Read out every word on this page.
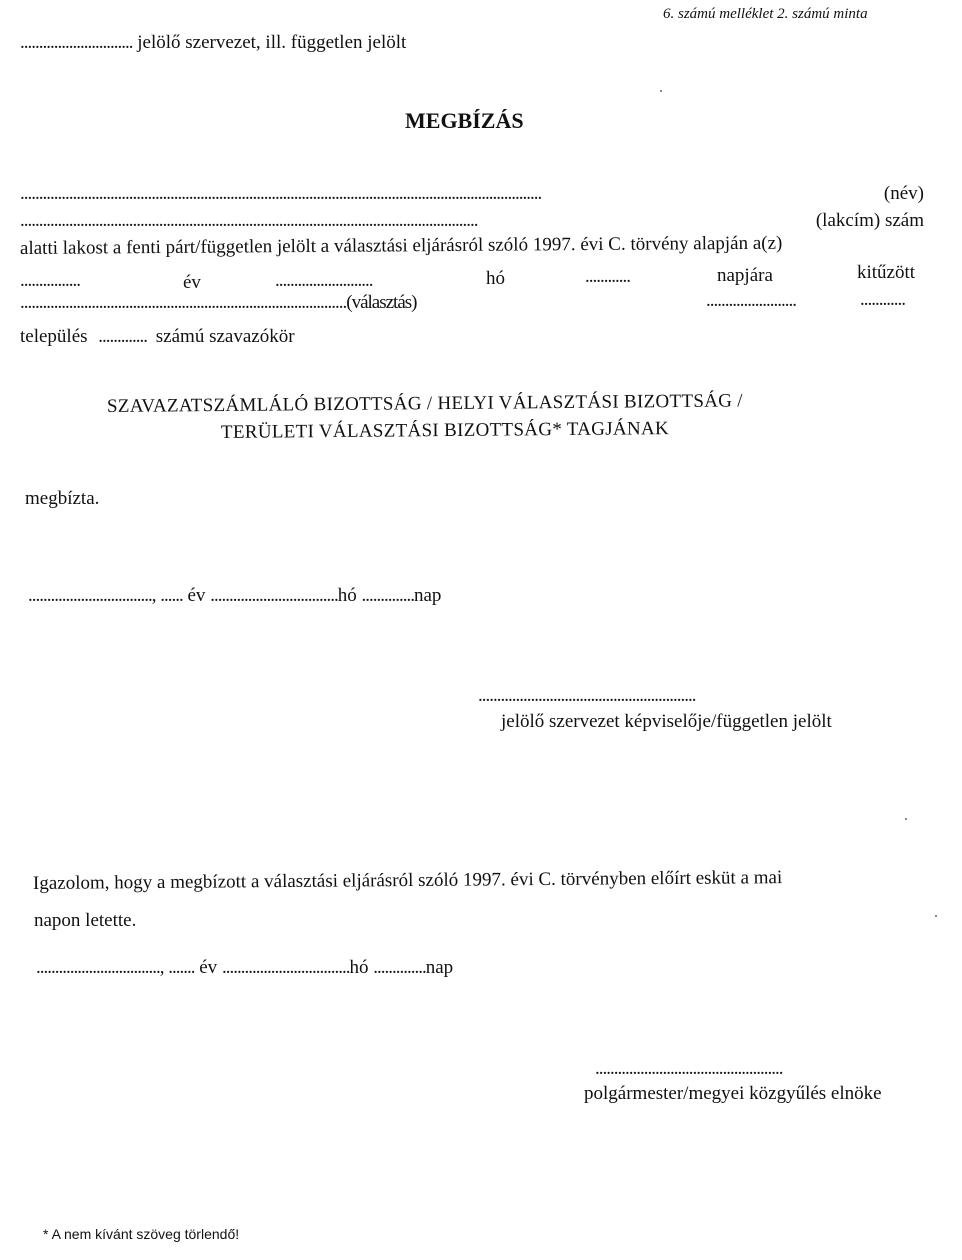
6. számú melléklet 2. számú minta
.............................. jelölő szervezet, ill. független jelölt
MEGBÍZÁS
...........................................................................................................................................	(név)
..........................................................................................................................	(lakcím) szám
alatti lakost a fenti párt/független jelölt a választási eljárásról szóló 1997. évi C. törvény alapján a(z)
................	év	..........................	hó	............	napjára	kitűzött
.......................................................................................(választás)	........................	............
település ............. számú szavazókör
SZAVAZATSZÁMLÁLÓ BIZOTTSÁG / HELYI VÁLASZTÁSI BIZOTTSÁG /
TERÜLETI VÁLASZTÁSI BIZOTTSÁG* TAGJÁNAK
megbízta.
................................., ...... év ..................................hó ..............nap
..........................................................
jelölő szervezet képviselője/független jelölt
Igazolom, hogy a megbízott a választási eljárásról szóló 1997. évi C. törvényben előírt esküt a mai
napon letette.
................................., ....... év ..................................hó ..............nap
..................................................
polgármester/megyei közgyűlés elnöke
* A nem kívánt szöveg törlendő!
